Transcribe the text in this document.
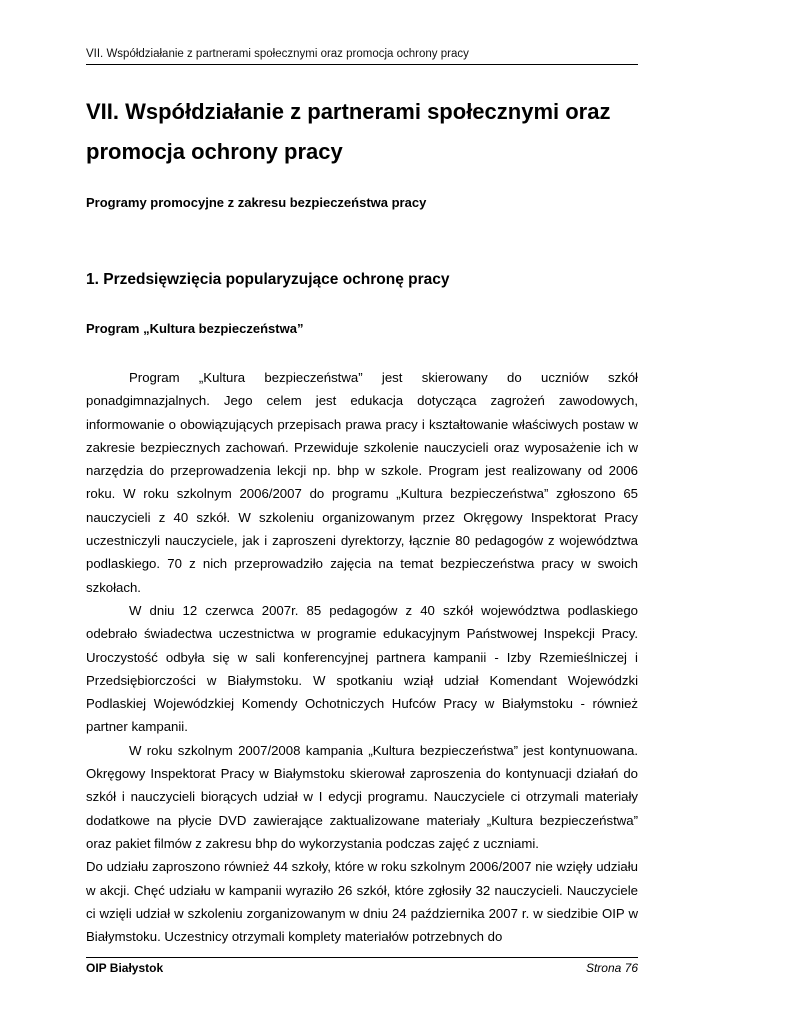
VII. Współdziałanie z partnerami społecznymi oraz promocja ochrony pracy
VII. Współdziałanie z partnerami społecznymi oraz promocja ochrony pracy
Programy promocyjne z zakresu bezpieczeństwa pracy
1. Przedsięwzięcia popularyzujące ochronę pracy
Program „Kultura bezpieczeństwa”

Program „Kultura bezpieczeństwa” jest skierowany do uczniów szkół ponadgimnazjalnych. Jego celem jest edukacja dotycząca zagrożeń zawodowych, informowanie o obowiązujących przepisach prawa pracy i kształtowanie właściwych postaw w zakresie bezpiecznych zachowań. Przewiduje szkolenie nauczycieli oraz wyposażenie ich w narzędzia do przeprowadzenia lekcji np. bhp w szkole. Program jest realizowany od 2006 roku. W roku szkolnym 2006/2007 do programu „Kultura bezpieczeństwa” zgłoszono 65 nauczycieli z 40 szkół. W szkoleniu organizowanym przez Okręgowy Inspektorat Pracy uczestniczyli nauczyciele, jak i zaproszeni dyrektorzy, łącznie 80 pedagogów z województwa podlaskiego. 70 z nich przeprowadziło zajęcia na temat bezpieczeństwa pracy w swoich szkołach.

W dniu 12 czerwca 2007r. 85 pedagogów z 40 szkół województwa podlaskiego odebrało świadectwa uczestnictwa w programie edukacyjnym Państwowej Inspekcji Pracy. Uroczystość odbyła się w sali konferencyjnej partnera kampanii - Izby Rzemieślniczej i Przedsiębiorczości w Białymstoku. W spotkaniu wziął udział Komendant Wojewódzki Podlaskiej Wojewódzkiej Komendy Ochotniczych Hufców Pracy w Białymstoku - również partner kampanii.

W roku szkolnym 2007/2008 kampania „Kultura bezpieczeństwa” jest kontynuowana. Okręgowy Inspektorat Pracy w Białymstoku skierował zaproszenia do kontynuacji działań do szkół i nauczycieli biorących udział w I edycji programu. Nauczyciele ci otrzymali materiały dodatkowe na płycie DVD zawierające zaktualizowane materiały „Kultura bezpieczeństwa” oraz pakiet filmów z zakresu bhp do wykorzystania podczas zajęć z uczniami.

Do udziału zaproszono również 44 szkoły, które w roku szkolnym 2006/2007 nie wzięły udziału w akcji. Chęć udziału w kampanii wyraziło 26 szkół, które zgłosiły 32 nauczycieli. Nauczyciele ci wzięli udział w szkoleniu zorganizowanym w dniu 24 października 2007 r. w siedzibie OIP w Białymstoku. Uczestnicy otrzymali komplety materiałów potrzebnych do

OIP Białystok	Strona 76
